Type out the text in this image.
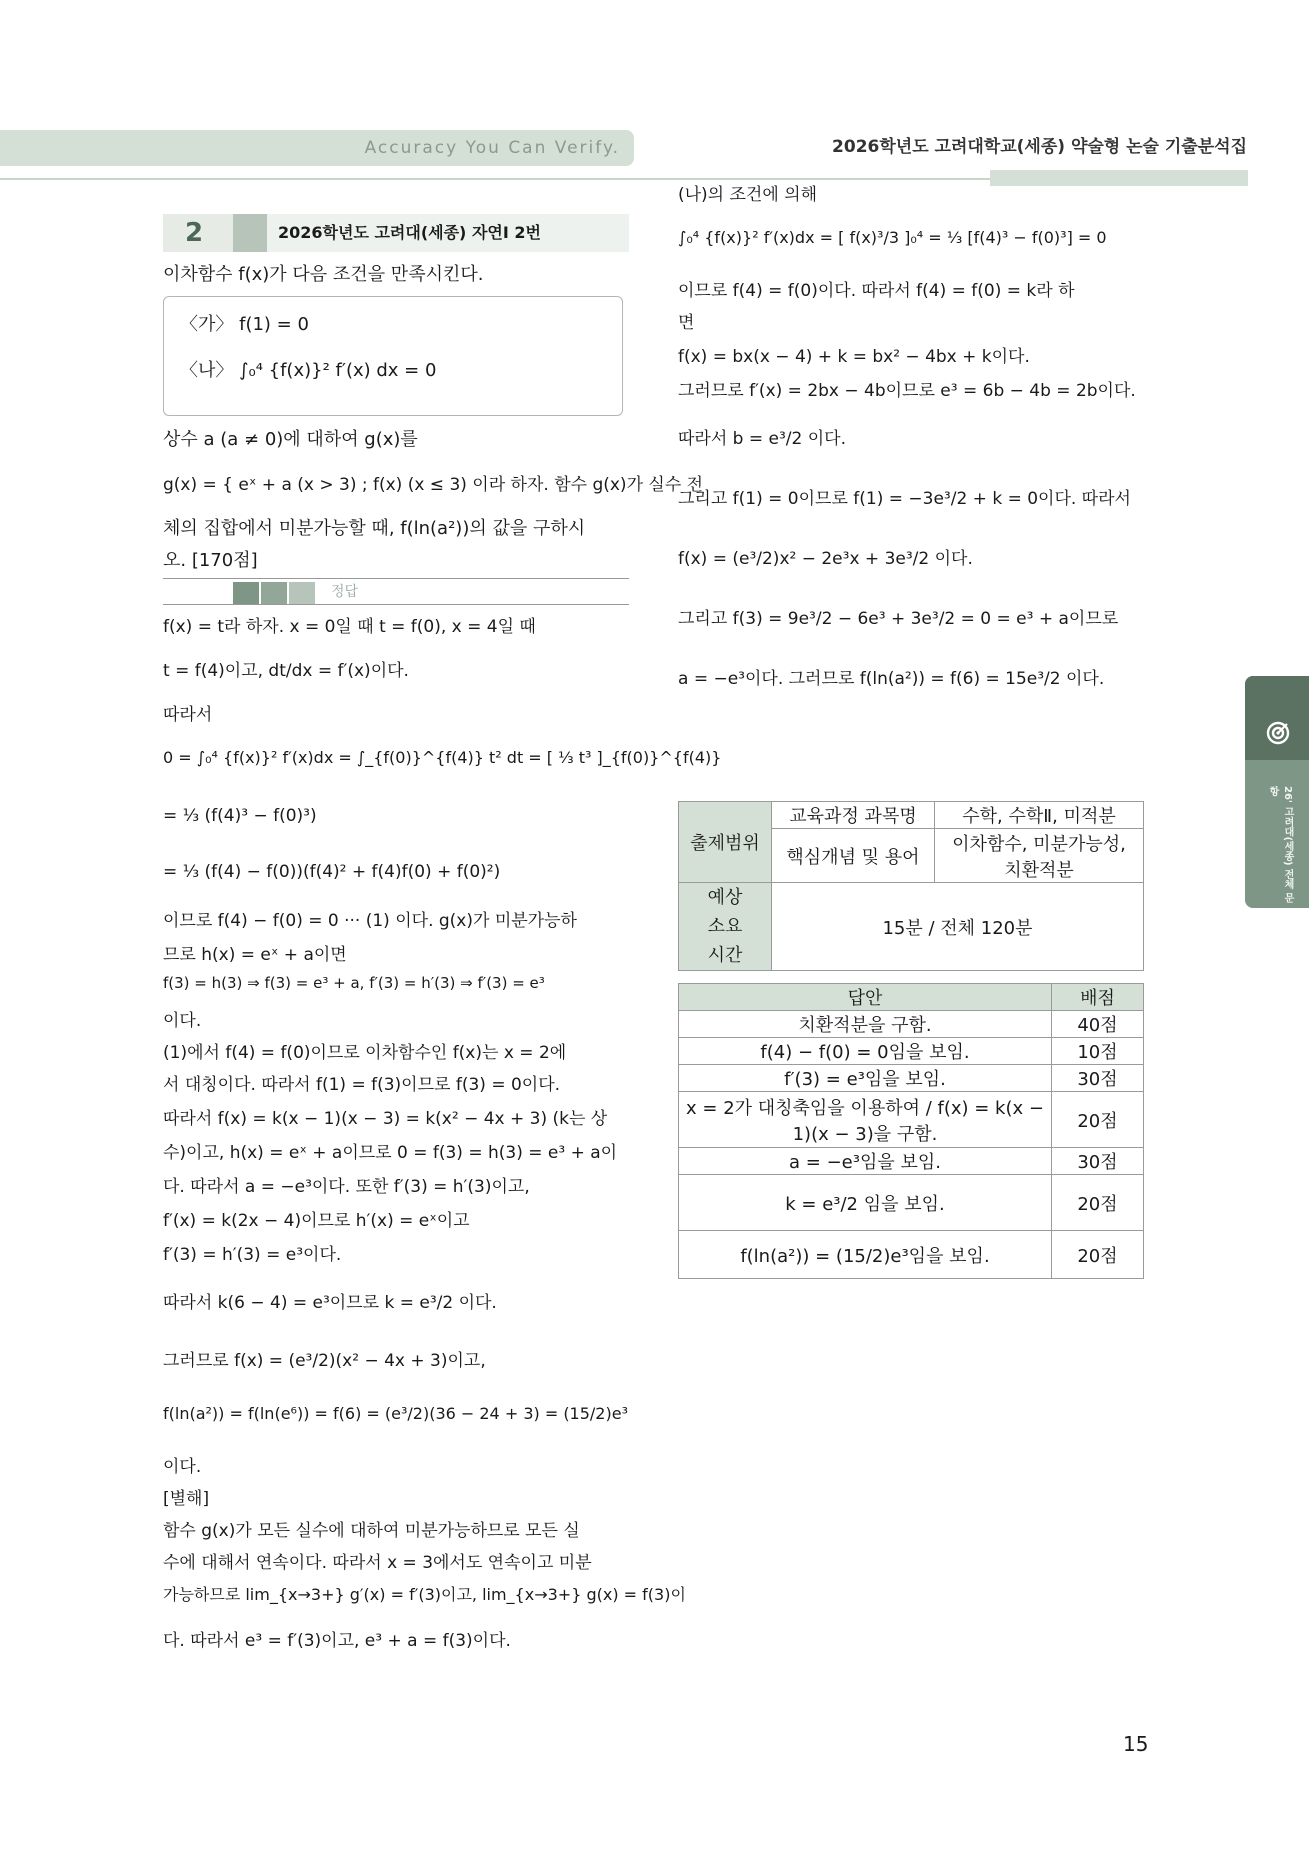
Accuracy You Can Verify.	2026학년도 고려대학교(세종) 약술형 논술 기출분석집
26' 고려대(세종) 전체 문항
2	2026학년도 고려대(세종) 자연I 2번
이차함수 f(x)가 다음 조건을 만족시킨다.
〈가〉 f(1) = 0
〈나〉 ∫₀⁴ {f(x)}² f′(x) dx = 0
상수 a (a ≠ 0)에 대하여 g(x)를
g(x) = { eˣ + a (x > 3) ; f(x) (x ≤ 3) 이라 하자. 함수 g(x)가 실수 전
체의 집합에서 미분가능할 때, f(ln(a²))의 값을 구하시
오. [170점]
정답
f(x) = t라 하자. x = 0일 때 t = f(0), x = 4일 때
t = f(4)이고, dt/dx = f′(x)이다.
따라서
0 = ∫₀⁴ {f(x)}² f′(x)dx = ∫_{f(0)}^{f(4)} t² dt = [ ⅓ t³ ]_{f(0)}^{f(4)}
= ⅓ (f(4)³ − f(0)³)
= ⅓ (f(4) − f(0))(f(4)² + f(4)f(0) + f(0)²)
이므로 f(4) − f(0) = 0 ··· (1) 이다. g(x)가 미분가능하
므로 h(x) = eˣ + a이면
f(3) = h(3) ⇒ f(3) = e³ + a, f′(3) = h′(3) ⇒ f′(3) = e³
이다.
(1)에서 f(4) = f(0)이므로 이차함수인 f(x)는 x = 2에
서 대칭이다. 따라서 f(1) = f(3)이므로 f(3) = 0이다.
따라서 f(x) = k(x − 1)(x − 3) = k(x² − 4x + 3) (k는 상
수)이고, h(x) = eˣ + a이므로 0 = f(3) = h(3) = e³ + a이
다. 따라서 a = −e³이다. 또한 f′(3) = h′(3)이고,
f′(x) = k(2x − 4)이므로 h′(x) = eˣ이고
f′(3) = h′(3) = e³이다.
따라서 k(6 − 4) = e³이므로 k = e³/2 이다.
그러므로 f(x) = (e³/2)(x² − 4x + 3)이고,
f(ln(a²)) = f(ln(e⁶)) = f(6) = (e³/2)(36 − 24 + 3) = (15/2)e³
이다.
[별해]
함수 g(x)가 모든 실수에 대하여 미분가능하므로 모든 실
수에 대해서 연속이다. 따라서 x = 3에서도 연속이고 미분
가능하므로 lim_{x→3+} g′(x) = f′(3)이고, lim_{x→3+} g(x) = f(3)이
다. 따라서 e³ = f′(3)이고, e³ + a = f(3)이다.
(나)의 조건에 의해
∫₀⁴ {f(x)}² f′(x)dx = [ f(x)³/3 ]₀⁴ = ⅓ [f(4)³ − f(0)³] = 0
이므로 f(4) = f(0)이다. 따라서 f(4) = f(0) = k라 하
면
f(x) = bx(x − 4) + k = bx² − 4bx + k이다.
그러므로 f′(x) = 2bx − 4b이므로 e³ = 6b − 4b = 2b이다.
따라서 b = e³/2 이다.
그리고 f(1) = 0이므로 f(1) = −3e³/2 + k = 0이다. 따라서
f(x) = (e³/2)x² − 2e³x + 3e³/2 이다.
그리고 f(3) = 9e³/2 − 6e³ + 3e³/2 = 0 = e³ + a이므로
a = −e³이다. 그러므로 f(ln(a²)) = f(6) = 15e³/2 이다.
출제범위	교육과정 과목명	수학, 수학Ⅱ, 미적분
	핵심개념 및 용어	이차함수, 미분가능성,
치환적분

예상
소요
시간	15분 / 전체 120분	
답안	배점
치환적분을 구함.	40점
f(4) − f(0) = 0임을 보임.	10점
f′(3) = e³임을 보임.	30점
x = 2가 대칭축임을 이용하여 / f(x) = k(x − 1)(x − 3)을 구함.	20점
a = −e³임을 보임.	30점
k = e³/2 임을 보임.	20점
f(ln(a²)) = (15/2)e³임을 보임.	20점
15
